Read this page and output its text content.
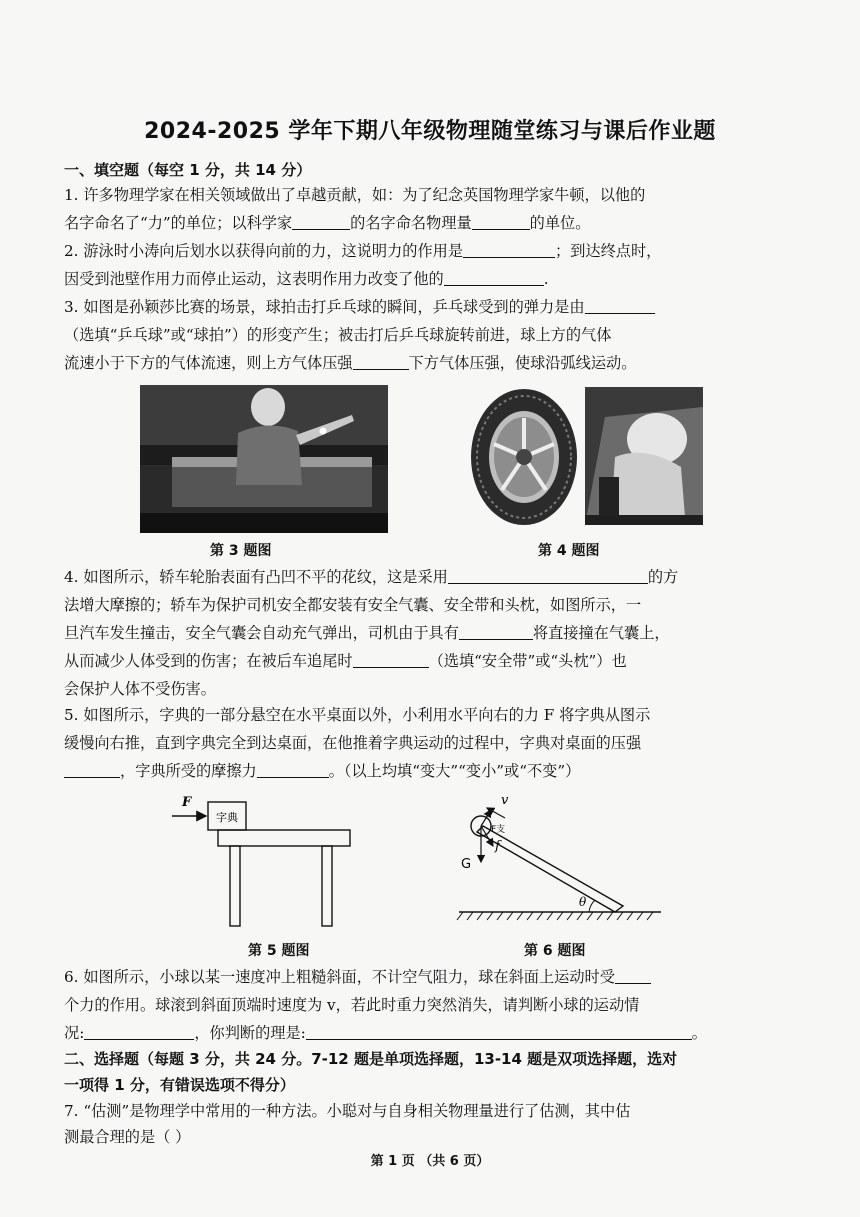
2024-2025 学年下期八年级物理随堂练习与课后作业题
一、填空题（每空 1 分，共 14 分）
1. 许多物理学家在相关领域做出了卓越贡献，如：为了纪念英国物理学家牛顿，以他的
名字命名了“力”的单位；以科学家	的名字命名物理量	的单位。
2. 游泳时小涛向后划水以获得向前的力，这说明力的作用是	；到达终点时，
因受到池壁作用力而停止运动，这表明作用力改变了他的	.
3. 如图是孙颖莎比赛的场景，球拍击打乒乓球的瞬间，乒乓球受到的弹力是由
（选填“乒乓球”或“球拍”）的形变产生；被击打后乒乓球旋转前进，球上方的气体
流速小于下方的气体流速，则上方气体压强	下方气体压强，使球沿弧线运动。
第 3 题图	第 4 题图
4. 如图所示，轿车轮胎表面有凸凹不平的花纹，这是采用	的方
法增大摩擦的；轿车为保护司机安全都安装有安全气囊、安全带和头枕，如图所示，一
旦汽车发生撞击，安全气囊会自动充气弹出，司机由于具有	将直接撞在气囊上，
从而减少人体受到的伤害；在被后车追尾时	（选填“安全带”或“头枕”）也
会保护人体不受伤害。
5. 如图所示，字典的一部分悬空在水平桌面以外，小利用水平向右的力 F 将字典从图示
缓慢向右推，直到字典完全到达桌面，在他推着字典运动的过程中，字典对桌面的压强
，字典所受的摩擦力	。（以上均填“变大”“变小”或“不变”）
F
字典
θ
v
G
f
F支
第 5 题图	第 6 题图
6. 如图所示，小球以某一速度冲上粗糙斜面，不计空气阻力，球在斜面上运动时受
个力的作用。球滚到斜面顶端时速度为 v，若此时重力突然消失，请判断小球的运动情
况:	，你判断的理是:	。
二、选择题（每题 3 分，共 24 分。7-12 题是单项选择题，13-14 题是双项选择题，选对
一项得 1 分，有错误选项不得分）
7. “估测”是物理学中常用的一种方法。小聪对与自身相关物理量进行了估测，其中估
测最合理的是（ ）
第 1 页 （共 6 页）
